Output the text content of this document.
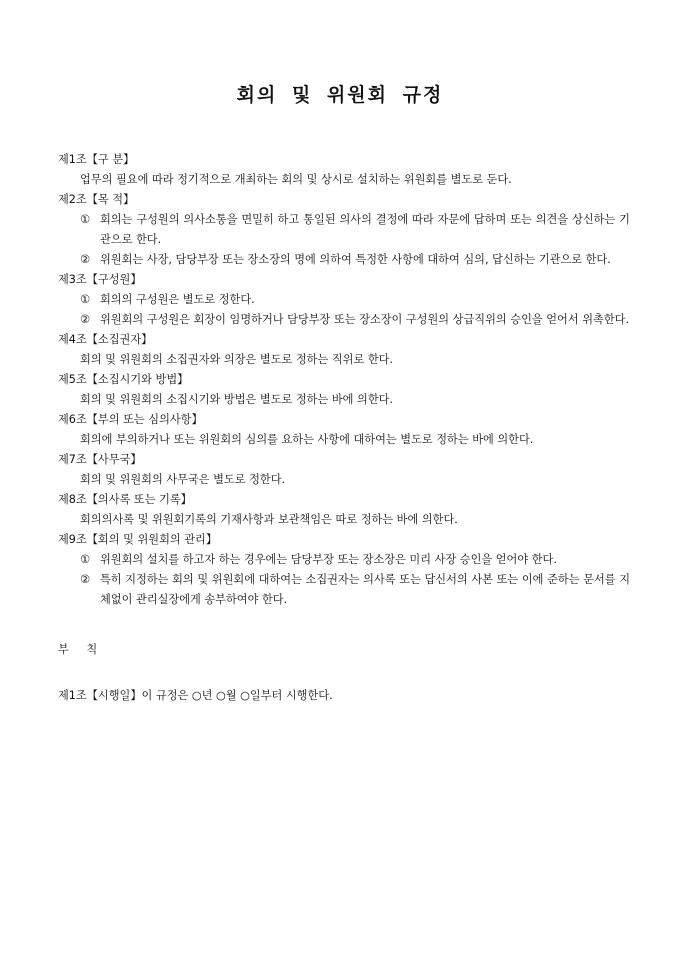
회의 및 위원회 규정
제1조【구 분】
업무의 필요에 따라 정기적으로 개최하는 회의 및 상시로 설치하는 위원회를 별도로 둔다.
제2조【목 적】
① 회의는 구성원의 의사소통을 면밀히 하고 통일된 의사의 결정에 따라 자문에 답하며 또는 의견을 상신하는 기관으로 한다.
② 위원회는 사장, 담당부장 또는 장소장의 명에 의하여 특정한 사항에 대하여 심의, 답신하는 기관으로 한다.
제3조【구성원】
① 회의의 구성원은 별도로 정한다.
② 위원회의 구성원은 회장이 임명하거나 담당부장 또는 장소장이 구성원의 상급직위의 승인을 얻어서 위촉한다.
제4조【소집권자】
회의 및 위원회의 소집권자와 의장은 별도로 정하는 직위로 한다.
제5조【소집시기와 방법】
회의 및 위원회의 소집시기와 방법은 별도로 정하는 바에 의한다.
제6조【부의 또는 심의사항】
회의에 부의하거나 또는 위원회의 심의를 요하는 사항에 대하여는 별도로 정하는 바에 의한다.
제7조【사무국】
회의 및 위원회의 사무국은 별도로 정한다.
제8조【의사록 또는 기록】
회의의사록 및 위원회기록의 기재사항과 보관책임은 따로 정하는 바에 의한다.
제9조【회의 및 위원회의 관리】
① 위원회의 설치를 하고자 하는 경우에는 담당부장 또는 장소장은 미리 사장 승인을 얻어야 한다.
② 특히 지정하는 회의 및 위원회에 대하여는 소집권자는 의사록 또는 답신서의 사본 또는 이에 준하는 문서를 지체없이 관리실장에게 송부하여야 한다.
부 칙
제1조【시행일】이 규정은 ○년 ○월 ○일부터 시행한다.
